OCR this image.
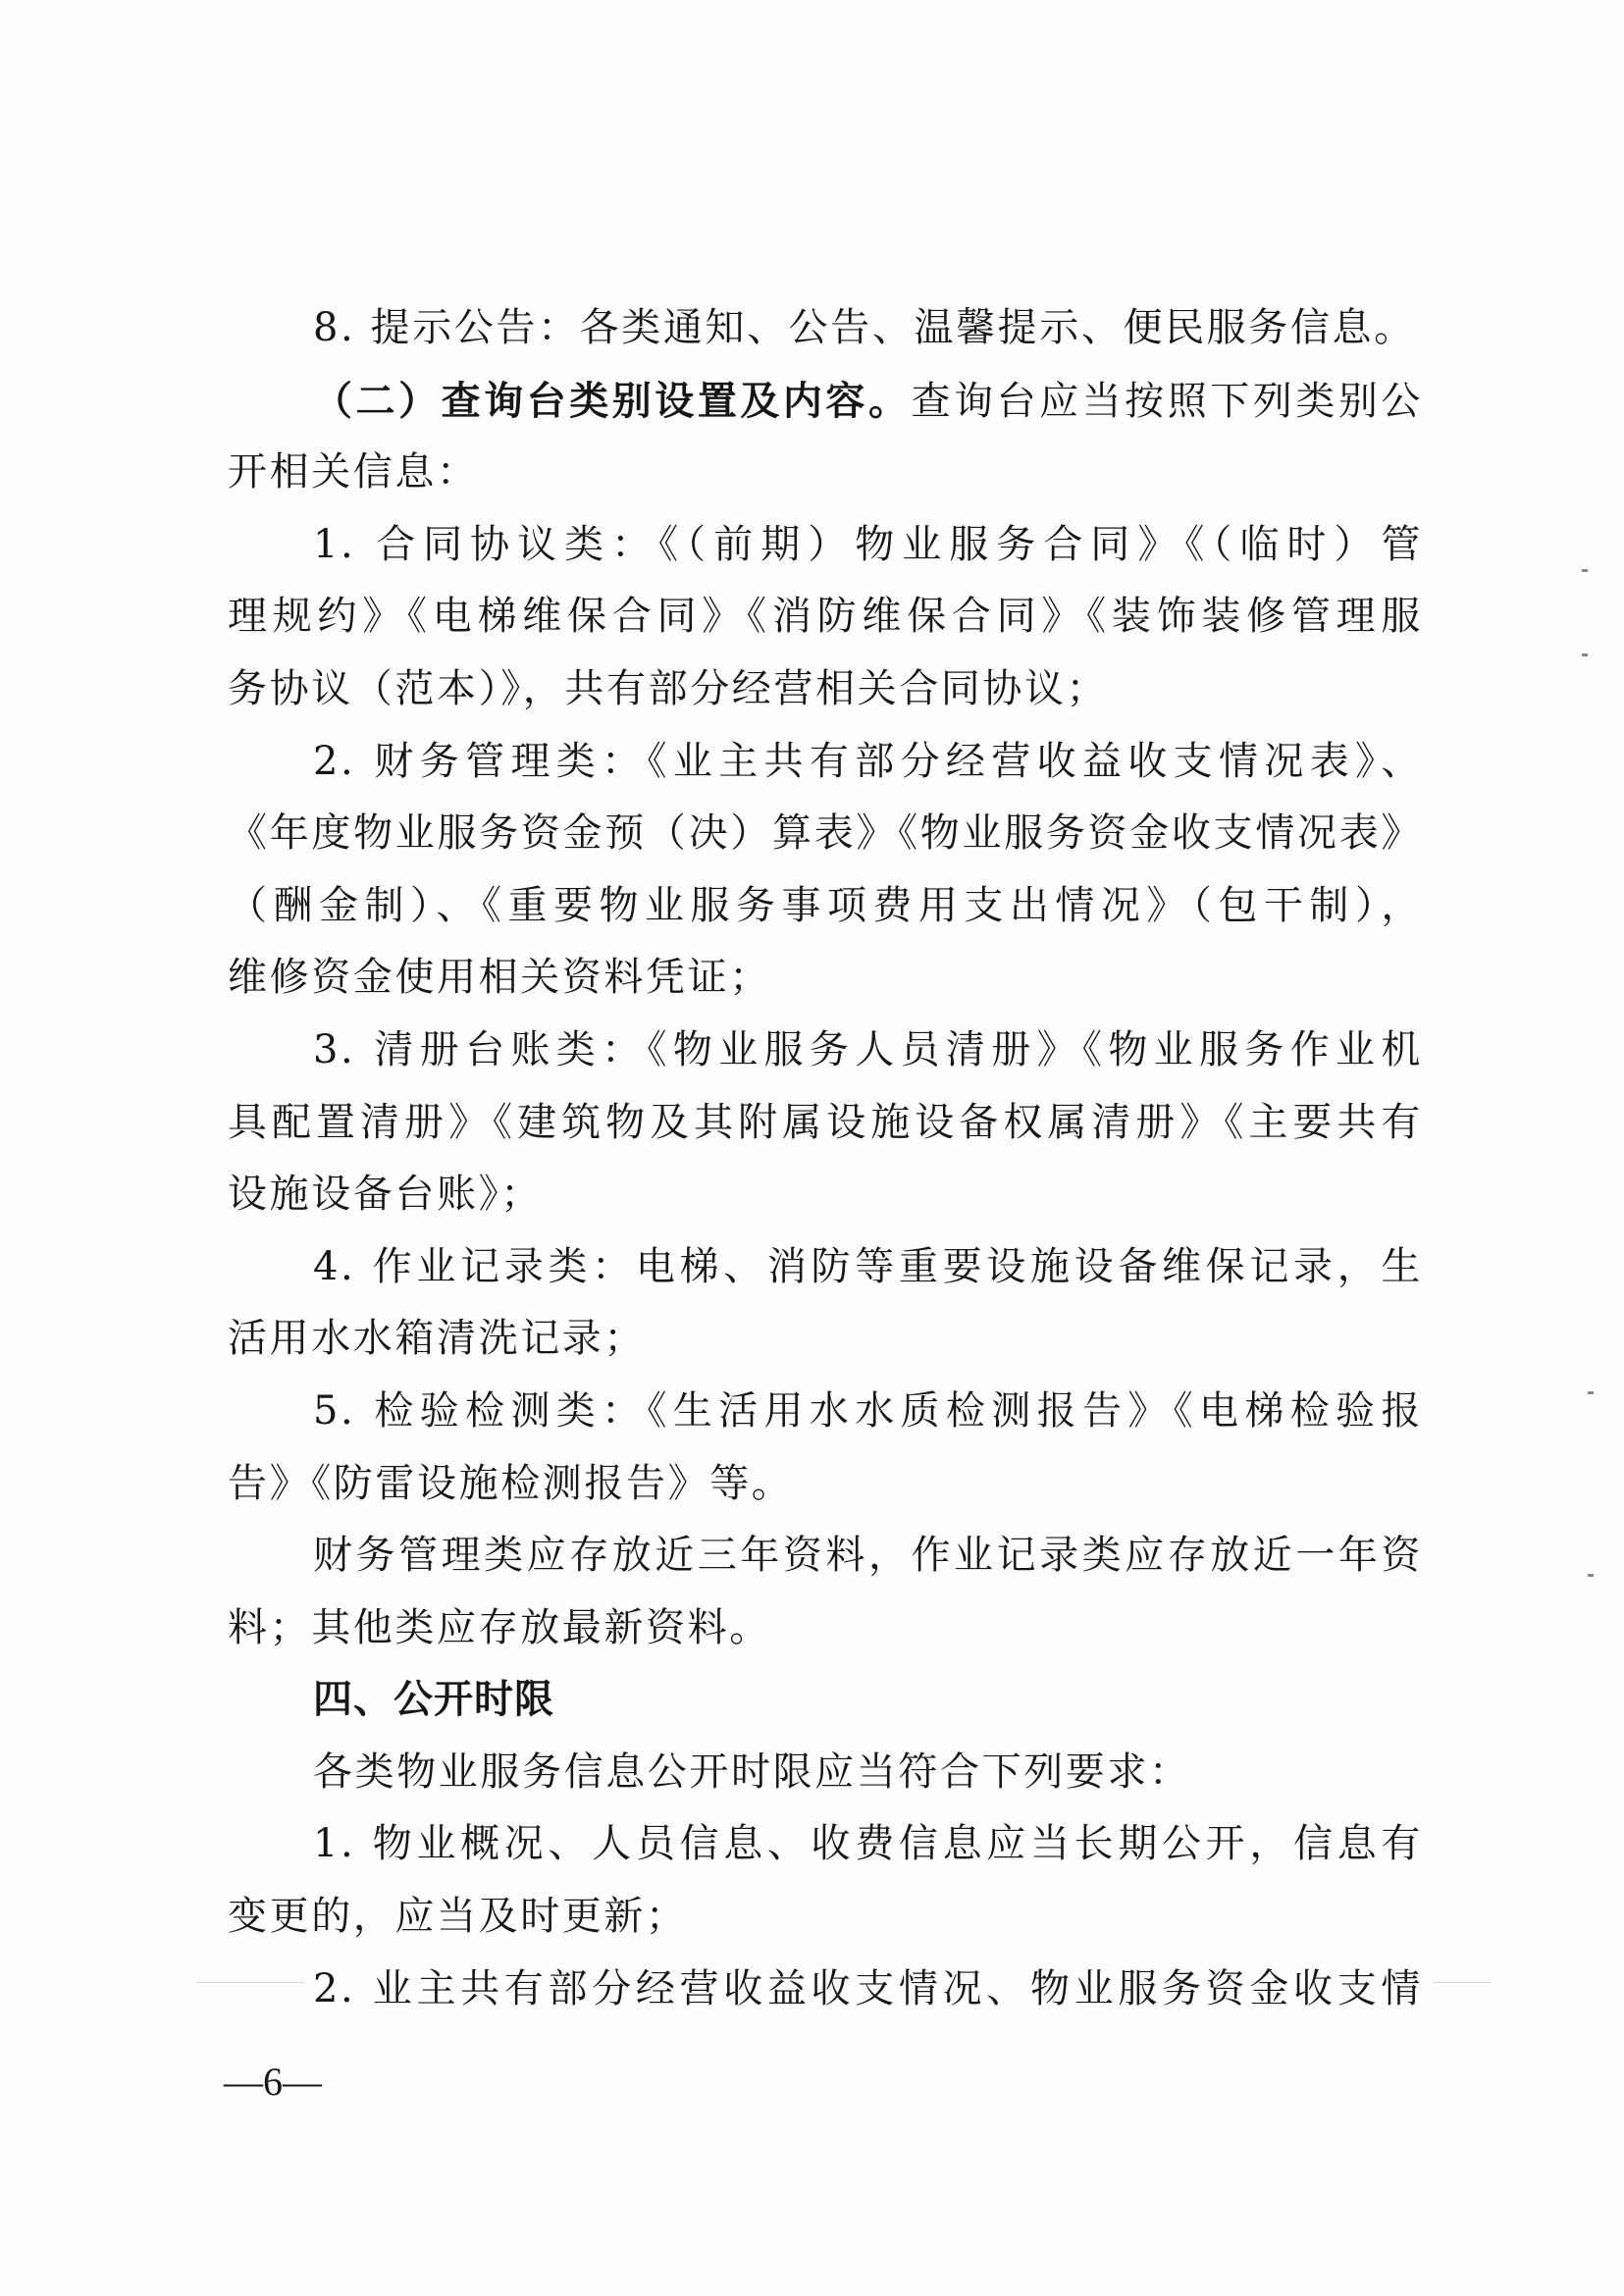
8. 提示公告：各类通知、公告、温馨提示、便民服务信息。
（二）查询台类别设置及内容。查询台应当按照下列类别公
开相关信息：
1. 合同协议类：《（前期）物业服务合同》《（临时）管
理规约》《电梯维保合同》《消防维保合同》《装饰装修管理服
务协议（范本）》，共有部分经营相关合同协议；
2. 财务管理类：《业主共有部分经营收益收支情况表》、
《年度物业服务资金预（决）算表》《物业服务资金收支情况表》
（酬金制）、《重要物业服务事项费用支出情况》（包干制），
维修资金使用相关资料凭证；
3. 清册台账类：《物业服务人员清册》《物业服务作业机
具配置清册》《建筑物及其附属设施设备权属清册》《主要共有
设施设备台账》；
4. 作业记录类：电梯、消防等重要设施设备维保记录，生
活用水水箱清洗记录；
5. 检验检测类：《生活用水水质检测报告》《电梯检验报
告》《防雷设施检测报告》等。
财务管理类应存放近三年资料，作业记录类应存放近一年资
料；其他类应存放最新资料。
四、公开时限
各类物业服务信息公开时限应当符合下列要求：
1. 物业概况、人员信息、收费信息应当长期公开，信息有
变更的，应当及时更新；
2. 业主共有部分经营收益收支情况、物业服务资金收支情
—6—
